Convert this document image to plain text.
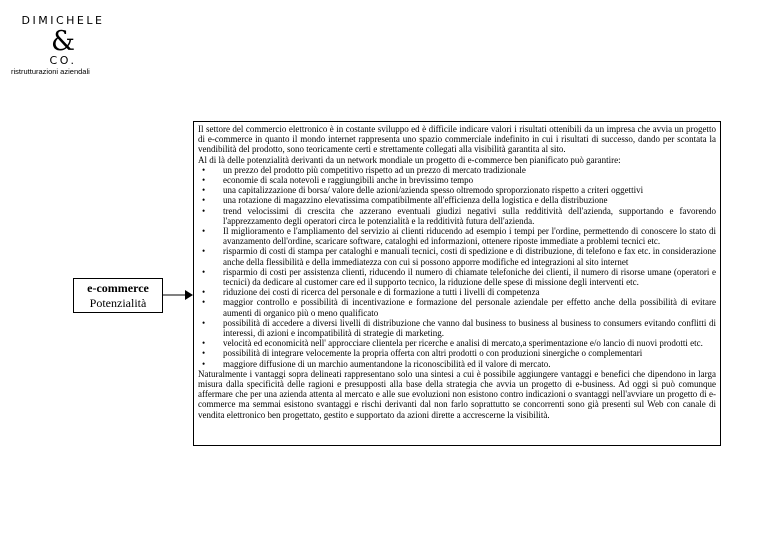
DIMICHELE
&
CO.
ristrutturazioni aziendali
e-commerce
Potenzialità

Il settore del commercio elettronico è in costante sviluppo ed è difficile indicare valori i risultati ottenibili da un impresa che avvia un progetto di e-commerce in quanto il mondo internet rappresenta uno spazio commerciale indefinito in cui i risultati di successo, dando per scontata la vendibilità del prodotto, sono teoricamente certi e strettamente collegati alla visibilità garantita al sito.

Al di là delle potenzialità derivanti da un network mondiale un progetto di e-commerce ben pianificato può garantire:

• un prezzo del prodotto più competitivo rispetto ad un prezzo di mercato tradizionale
• economie di scala notevoli e raggiungibili anche in brevissimo tempo
• una capitalizzazione di borsa/ valore delle azioni/azienda spesso oltremodo sproporzionato rispetto a criteri oggettivi
• una rotazione di magazzino elevatissima compatibilmente all'efficienza della logistica e della distribuzione
• trend velocissimi di crescita che azzerano eventuali giudizi negativi sulla redditività dell'azienda, supportando e favorendo l'apprezzamento degli operatori circa le potenzialità e la redditività futura dell'azienda.
• Il miglioramento e l'ampliamento del servizio ai clienti riducendo ad esempio i tempi per l'ordine, permettendo di conoscere lo stato di avanzamento dell'ordine, scaricare software, cataloghi ed informazioni, ottenere riposte immediate a problemi tecnici etc.
• risparmio di costi di stampa per cataloghi e manuali tecnici, costi di spedizione e di distribuzione, di telefono e fax etc. in considerazione anche della flessibilità e della immediatezza con cui si possono apporre modifiche ed integrazioni al sito internet
• risparmio di costi per assistenza clienti, riducendo il numero di chiamate telefoniche dei clienti, il numero di risorse umane (operatori e tecnici) da dedicare al customer care ed il supporto tecnico, la riduzione delle spese di missione degli interventi etc.
• riduzione dei costi di ricerca del personale e di formazione a tutti i livelli di competenza
• maggior controllo e possibilità di incentivazione e formazione del personale aziendale per effetto anche della possibilità di evitare aumenti di organico più o meno qualificato
• possibilità di accedere a diversi livelli di distribuzione che vanno dal business to business al business to consumers evitando conflitti di interessi, di azioni e incompatibilità di strategie di marketing.
• velocità ed economicità nell' approcciare clientela per ricerche e analisi di mercato,a sperimentazione e/o lancio di nuovi prodotti etc.
• possibilità di integrare velocemente la propria offerta con altri prodotti o con produzioni sinergiche o complementari
• maggiore diffusione di un marchio aumentandone la riconoscibilità ed il valore di mercato.

Naturalmente i vantaggi sopra delineati rappresentano solo una sintesi a cui è possibile aggiungere vantaggi e benefici che dipendono in larga misura dalla specificità delle ragioni e presupposti alla base della strategia che avvia un progetto di e-business. Ad oggi si può comunque affermare che per una azienda attenta al mercato e alle sue evoluzioni non esistono contro indicazioni o svantaggi nell'avviare un progetto di e-commerce ma semmai esistono svantaggi e rischi derivanti dal non farlo soprattutto se concorrenti sono già presenti sul Web con canale di vendita elettronico ben progettato, gestito e supportato da azioni dirette a accrescerne la visibilità.
